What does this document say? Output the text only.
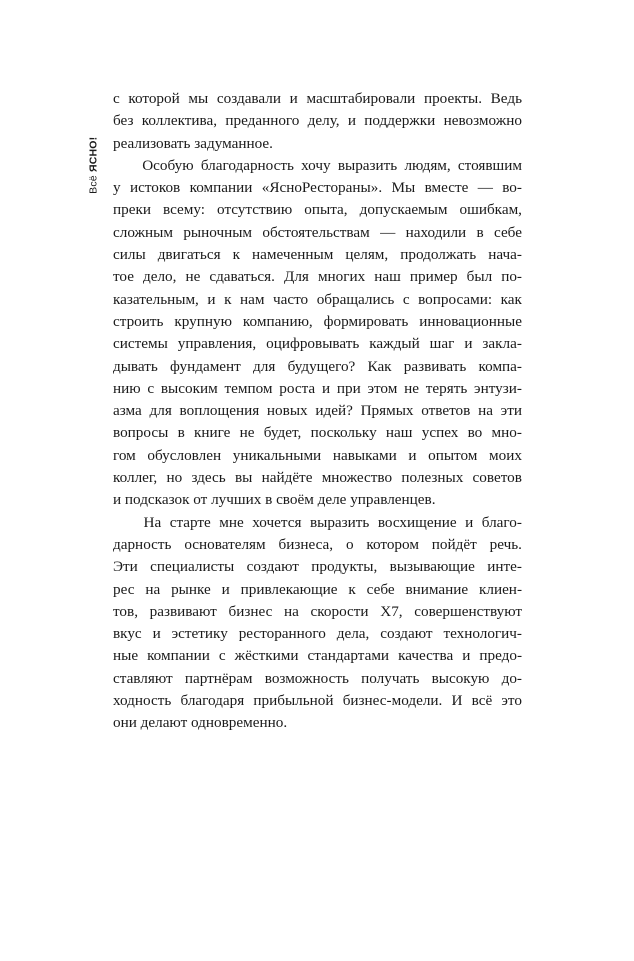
Всё ЯСНО!
с которой мы создавали и масштабировали проекты. Ведь
без коллектива, преданного делу, и поддержки невозможно
реализовать задуманное.
Особую благодарность хочу выразить людям, стоявшим
у истоков компании «ЯсноРестораны». Мы вместе — во-
преки всему: отсутствию опыта, допускаемым ошибкам,
сложным рыночным обстоятельствам — находили в себе
силы двигаться к намеченным целям, продолжать нача-
тое дело, не сдаваться. Для многих наш пример был по-
казательным, и к нам часто обращались с вопросами: как
строить крупную компанию, формировать инновационные
системы управления, оцифровывать каждый шаг и закла-
дывать фундамент для будущего? Как развивать компа-
нию с высоким темпом роста и при этом не терять энтузи-
азма для воплощения новых идей? Прямых ответов на эти
вопросы в книге не будет, поскольку наш успех во мно-
гом обусловлен уникальными навыками и опытом моих
коллег, но здесь вы найдёте множество полезных советов
и подсказок от лучших в своём деле управленцев.
На старте мне хочется выразить восхищение и благо-
дарность основателям бизнеса, о котором пойдёт речь.
Эти специалисты создают продукты, вызывающие инте-
рес на рынке и привлекающие к себе внимание клиен-
тов, развивают бизнес на скорости Х7, совершенствуют
вкус и эстетику ресторанного дела, создают технологич-
ные компании с жёсткими стандартами качества и предо-
ставляют партнёрам возможность получать высокую до-
ходность благодаря прибыльной бизнес-модели. И всё это
они делают одновременно.
